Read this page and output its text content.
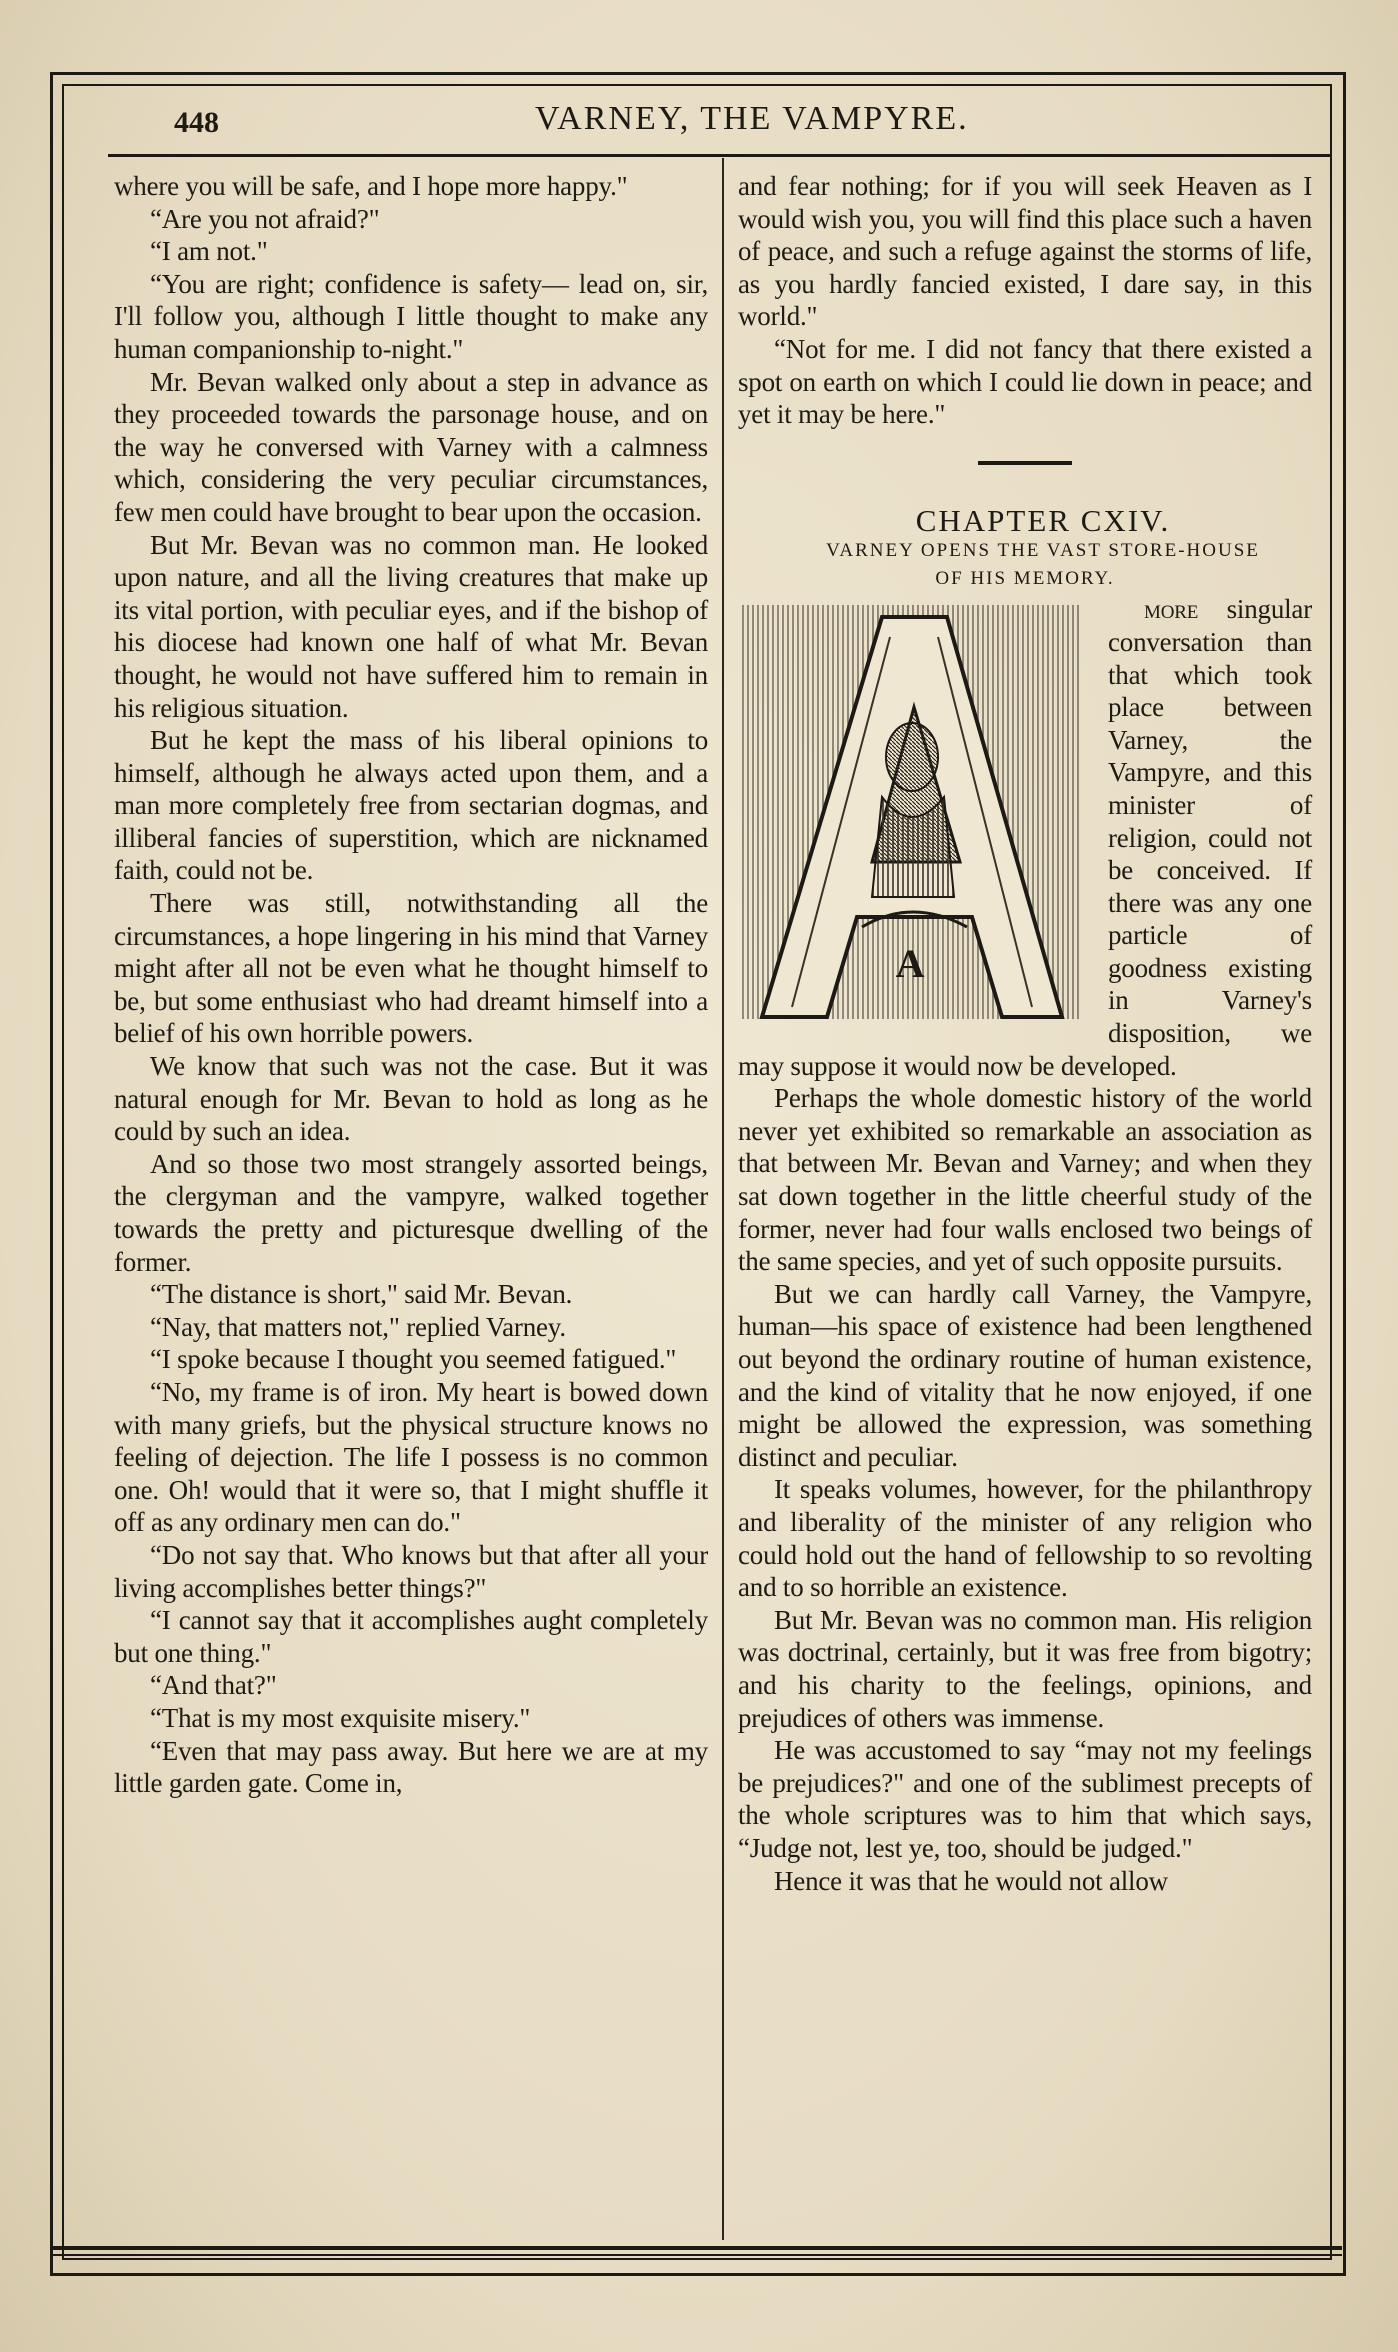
448	VARNEY, THE VAMPYRE.

where you will be safe, and I hope more happy."

“Are you not afraid?"

“I am not."

“You are right; confidence is safety— lead on, sir, I'll follow you, although I little thought to make any human companionship to-night."

Mr. Bevan walked only about a step in advance as they proceeded towards the parsonage house, and on the way he conversed with Varney with a calmness which, considering the very peculiar circumstances, few men could have brought to bear upon the occasion.

But Mr. Bevan was no common man. He looked upon nature, and all the living creatures that make up its vital portion, with peculiar eyes, and if the bishop of his diocese had known one half of what Mr. Bevan thought, he would not have suffered him to remain in his religious situation.

But he kept the mass of his liberal opinions to himself, although he always acted upon them, and a man more completely free from sectarian dogmas, and illiberal fancies of superstition, which are nicknamed faith, could not be.

There was still, notwithstanding all the circumstances, a hope lingering in his mind that Varney might after all not be even what he thought himself to be, but some enthusiast who had dreamt himself into a belief of his own horrible powers.

We know that such was not the case. But it was natural enough for Mr. Bevan to hold as long as he could by such an idea.

And so those two most strangely assorted beings, the clergyman and the vampyre, walked together towards the pretty and picturesque dwelling of the former.

“The distance is short," said Mr. Bevan.

“Nay, that matters not," replied Varney.

“I spoke because I thought you seemed fatigued."

“No, my frame is of iron. My heart is bowed down with many griefs, but the physical structure knows no feeling of dejection. The life I possess is no common one. Oh! would that it were so, that I might shuffle it off as any ordinary men can do."

“Do not say that. Who knows but that after all your living accomplishes better things?"

“I cannot say that it accomplishes aught completely but one thing."

“And that?"

“That is my most exquisite misery."

“Even that may pass away. But here we are at my little garden gate. Come in,

and fear nothing; for if you will seek Heaven as I would wish you, you will find this place such a haven of peace, and such a refuge against the storms of life, as you hardly fancied existed, I dare say, in this world."

“Not for me. I did not fancy that there existed a spot on earth on which I could lie down in peace; and yet it may be here."

CHAPTER CXIV.

VARNEY OPENS THE VAST STORE-HOUSE
OF HIS MEMORY.

A

more singular conversation than that which took place between Varney, the Vampyre, and this minister of religion, could not be conceived. If there was any one particle of goodness existing in Varney's disposition, we may suppose it would now be developed.

Perhaps the whole domestic history of the world never yet exhibited so remarkable an association as that between Mr. Bevan and Varney; and when they sat down together in the little cheerful study of the former, never had four walls enclosed two beings of the same species, and yet of such opposite pursuits.

But we can hardly call Varney, the Vampyre, human—his space of existence had been lengthened out beyond the ordinary routine of human existence, and the kind of vitality that he now enjoyed, if one might be allowed the expression, was something distinct and peculiar.

It speaks volumes, however, for the philanthropy and liberality of the minister of any religion who could hold out the hand of fellowship to so revolting and to so horrible an existence.

But Mr. Bevan was no common man. His religion was doctrinal, certainly, but it was free from bigotry; and his charity to the feelings, opinions, and prejudices of others was immense.

He was accustomed to say “may not my feelings be prejudices?" and one of the sublimest precepts of the whole scriptures was to him that which says, “Judge not, lest ye, too, should be judged."

Hence it was that he would not allow
